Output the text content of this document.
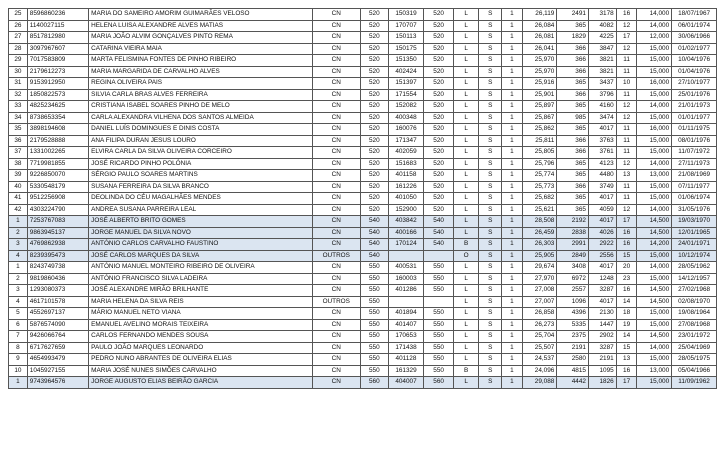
25	8596860236	MARIA DO SAMEIRO AMORIM GUIMARÃES VELOSO	CN	520	150319	520	L	S	1	26,119	2491	3178	16	14,000	18/07/1967
26	1140027115	HELENA LUISA ALEXANDRE ALVES MATIAS	CN	520	170707	520	L	S	1	26,084	365	4082	12	14,000	06/01/1974
27	8517812980	MARIA JOÃO ALVIM GONÇALVES PINTO REMA	CN	520	150113	520	L	S	1	26,081	1829	4225	17	12,000	30/06/1966
28	3097967607	CATARINA VIEIRA MAIA	CN	520	150175	520	L	S	1	26,041	366	3847	12	15,000	01/02/1977
29	7017583809	MARTA FELISMINA FONTES DE PINHO RIBEIRO	CN	520	151350	520	L	S	1	25,970	366	3821	11	15,000	10/04/1976
30	2179612273	MARIA MARGARIDA DE CARVALHO ALVES	CN	520	402424	520	L	S	1	25,970	366	3821	11	15,000	01/04/1976
31	9153912950	REGINA OLIVEIRA PAIS	CN	520	151397	520	L	S	1	25,916	365	3437	10	16,000	27/10/1977
32	1850822573	SILVIA CARLA BRAS ALVES FERREIRA	CN	520	171554	520	L	S	1	25,901	366	3796	11	15,000	25/01/1976
33	4825234625	CRISTIANA ISABEL SOARES PINHO DE MELO	CN	520	152082	520	L	S	1	25,897	365	4160	12	14,000	21/01/1973
34	8738653354	CARLA ALEXANDRA VILHENA DOS SANTOS ALMEIDA	CN	520	400348	520	L	S	1	25,867	985	3474	12	15,000	01/01/1977
35	3898194608	DANIEL LUÍS DOMINGUES E DINIS COSTA	CN	520	160076	520	L	S	1	25,862	365	4017	11	16,000	01/11/1975
36	2179528888	ANA FILIPA DURAN JESUS LOURO	CN	520	171347	520	L	S	1	25,811	366	3763	11	15,000	08/01/1976
37	1331002265	ELVIRA CARLA DA SILVA OLIVEIRA CORCEIRO	CN	520	402059	520	L	S	1	25,805	366	3761	11	15,000	11/07/1972
38	7719981855	JOSÉ RICARDO PINHO POLÓNIA	CN	520	151683	520	L	S	1	25,796	365	4123	12	14,000	27/11/1973
39	9226850070	SÉRGIO PAULO SOARES MARTINS	CN	520	401158	520	L	S	1	25,774	365	4480	13	13,000	21/08/1969
40	5330548179	SUSANA FERREIRA DA SILVA BRANCO	CN	520	161226	520	L	S	1	25,773	366	3749	11	15,000	07/11/1977
41	9512256908	DEOLINDA DO CÉU MAGALHÃES MENDES	CN	520	401050	520	L	S	1	25,682	365	4017	11	15,000	01/06/1974
42	4303224790	ANDREA SUSANA PARREIRA LEAL	CN	520	152900	520	L	S	1	25,621	365	4059	12	14,000	31/05/1976
1	7253767083	JOSÉ ALBERTO BRITO GOMES	CN	540	403842	540	L	S	1	28,508	2192	4017	17	14,500	19/03/1970
2	9863945137	JORGE MANUEL DA SILVA NOVO	CN	540	400166	540	L	S	1	26,459	2838	4026	16	14,500	12/01/1965
3	4769862938	ANTÓNIO CARLOS CARVALHO FAUSTINO	CN	540	170124	540	B	S	1	26,303	2991	2922	16	14,200	24/01/1971
4	8239395473	JOSÉ CARLOS MARQUES DA SILVA	OUTROS	540			O	S	1	25,905	2849	2556	15	15,000	10/12/1974
1	8243749738	ANTÓNIO MANUEL MONTEIRO RIBEIRO DE OLIVEIRA	CN	550	400531	550	L	S	1	29,674	3408	4017	20	14,000	28/05/1962
2	9819860436	ANTÓNIO FRANCISCO SILVA LADEIRA	CN	550	160003	550	L	S	1	27,970	6972	1248	23	15,000	14/12/1957
3	1293080373	JOSÉ ALEXANDRE MIRÃO BRILHANTE	CN	550	401286	550	L	S	1	27,008	2557	3287	16	14,500	27/02/1968
4	4617101578	MARIA HELENA DA SILVA REIS	OUTROS	550			L	S	1	27,007	1096	4017	14	14,500	02/08/1970
5	4552697137	MÁRIO MANUEL NETO VIANA	CN	550	401894	550	L	S	1	26,858	4396	2130	18	15,000	19/08/1964
6	5876574090	EMANUEL AVELINO MORAIS TEIXEIRA	CN	550	401407	550	L	S	1	26,273	5335	1447	19	15,000	27/08/1968
7	9426066764	CARLOS FERNANDO MENDES SOUSA	CN	550	170653	550	L	S	1	25,704	2375	2902	14	14,500	23/01/1972
8	6717627659	PAULO JOÃO MARQUES LEONARDO	CN	550	171438	550	L	S	1	25,507	2191	3287	15	14,000	25/04/1969
9	4654993479	PEDRO NUNO ABRANTES DE OLIVEIRA ELIAS	CN	550	401128	550	L	S	1	24,537	2580	2191	13	15,000	28/05/1975
10	1045927155	MARIA JOSÉ NUNES SIMÕES CARVALHO	CN	550	161329	550	B	S	1	24,096	4815	1095	16	13,000	05/04/1966
1	9743964576	JORGE AUGUSTO ELIAS BEIRÃO GARCIA	CN	560	404007	560	L	S	1	29,088	4442	1826	17	15,000	11/09/1962
